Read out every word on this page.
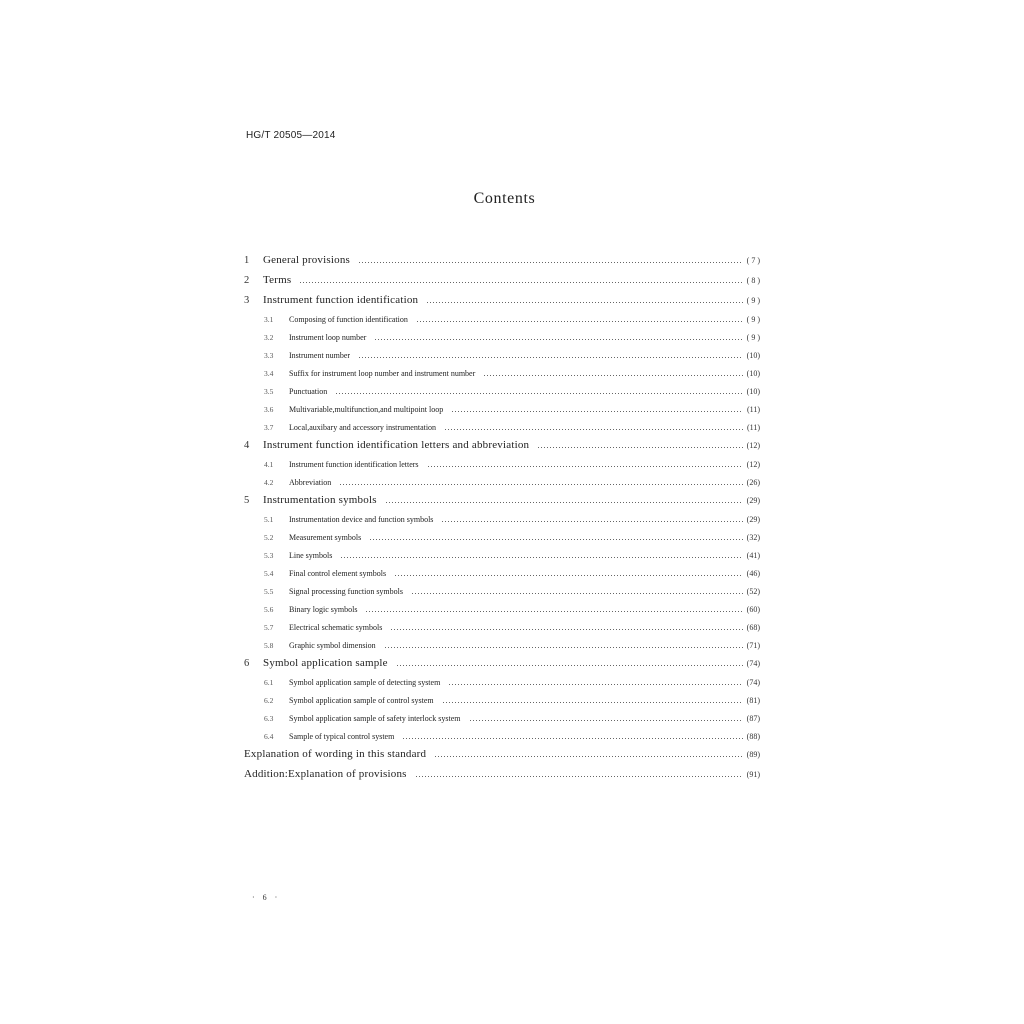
HG/T 20505—2014
Contents
1	General provisions	( 7 )
2	Terms	( 8 )
3	Instrument function identification	( 9 )
3.1	Composing of function identification	( 9 )
3.2	Instrument loop number	( 9 )
3.3	Instrument number	(10)
3.4	Suffix for instrument loop number and instrument number	(10)
3.5	Punctuation	(10)
3.6	Multivariable,multifunction,and multipoint loop	(11)
3.7	Local,auxibary and accessory instrumentation	(11)
4	Instrument function identification letters and abbreviation	(12)
4.1	Instrument function identification letters	(12)
4.2	Abbreviation	(26)
5	Instrumentation symbols	(29)
5.1	Instrumentation device and function symbols	(29)
5.2	Measurement symbols	(32)
5.3	Line symbols	(41)
5.4	Final control element symbols	(46)
5.5	Signal processing function symbols	(52)
5.6	Binary logic symbols	(60)
5.7	Electrical schematic symbols	(68)
5.8	Graphic symbol dimension	(71)
6	Symbol application sample	(74)
6.1	Symbol application sample of detecting system	(74)
6.2	Symbol application sample of control system	(81)
6.3	Symbol application sample of safety interlock system	(87)
6.4	Sample of typical control system	(88)
Explanation of wording in this standard	(89)
Addition:Explanation of provisions	(91)
· 6 ·
